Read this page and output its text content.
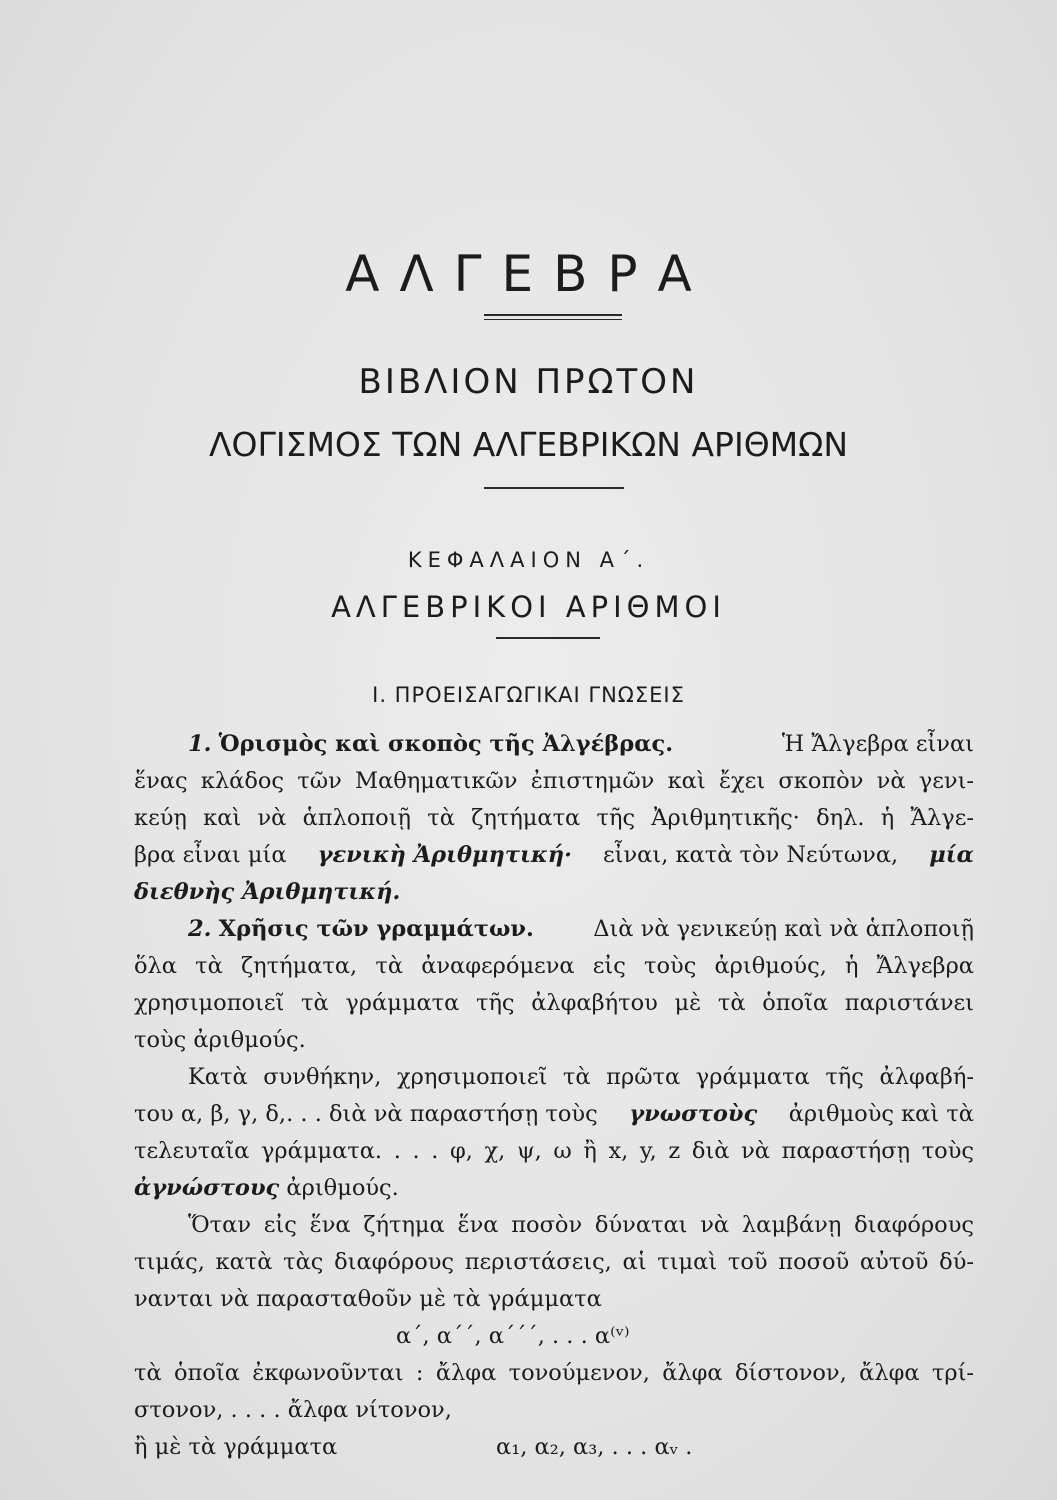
ΑΛΓΕΒΡΑ
ΒΙΒΛΙΟΝ ΠΡΩΤΟΝ
ΛΟΓΙΣΜΟΣ ΤΩΝ ΑΛΓΕΒΡΙΚΩΝ ΑΡΙΘΜΩΝ
ΚΕΦΑΛΑΙΟΝ Α΄.
ΑΛΓΕΒΡΙΚΟΙ ΑΡΙΘΜΟΙ
I. ΠΡΟΕΙΣΑΓΩΓΙΚΑΙ ΓΝΩΣΕΙΣ
1. Ὁρισμὸς καὶ σκοπὸς τῆς Ἀλγέβρας.	Ἡ Ἄλγεβρα εἶναι
ἕνας κλάδος τῶν Μαθηματικῶν ἐπιστημῶν καὶ ἔχει σκοπὸν νὰ γενι-
κεύῃ καὶ νὰ ἁπλοποιῇ τὰ ζητήματα τῆς Ἀριθμητικῆς· δηλ. ἡ Ἄλγε-
βρα εἶναι μία γενικὴ Ἀριθμητική· εἶναι, κατὰ τὸν Νεύτωνα, μία
διεθνὴς Ἀριθμητική.
2. Χρῆσις τῶν γραμμάτων.	Διὰ νὰ γενικεύῃ καὶ νὰ ἁπλοποιῇ
ὅλα τὰ ζητήματα, τὰ ἀναφερόμενα εἰς τοὺς ἀριθμούς, ἡ Ἄλγεβρα
χρησιμοποιεῖ τὰ γράμματα τῆς ἀλφαβήτου μὲ τὰ ὁποῖα παριστάνει
τοὺς ἀριθμούς.
Κατὰ συνθήκην, χρησιμοποιεῖ τὰ πρῶτα γράμματα τῆς ἀλφαβή-
του α, β, γ, δ,. . . διὰ νὰ παραστήσῃ τοὺς γνωστοὺς ἀριθμοὺς καὶ τὰ
τελευταῖα γράμματα. . . . φ, χ, ψ, ω ἢ x, y, z διὰ νὰ παραστήσῃ τοὺς
ἀγνώστους ἀριθμούς.
Ὅταν εἰς ἕνα ζήτημα ἕνα ποσὸν δύναται νὰ λαμβάνῃ διαφόρους
τιμάς, κατὰ τὰς διαφόρους περιστάσεις, αἱ τιμαὶ τοῦ ποσοῦ αὐτοῦ δύ-
νανται νὰ παρασταθοῦν μὲ τὰ γράμματα
α΄, α΄΄, α΄΄΄, . . . α⁽ᵛ⁾
τὰ ὁποῖα ἐκφωνοῦνται : ἄλφα τονούμενον, ἄλφα δίστονον, ἄλφα τρί-
στονον, . . . . ἄλφα νίτονον,
ἢ μὲ τὰ γράμματα	α₁, α₂, α₃, . . . αᵥ .
